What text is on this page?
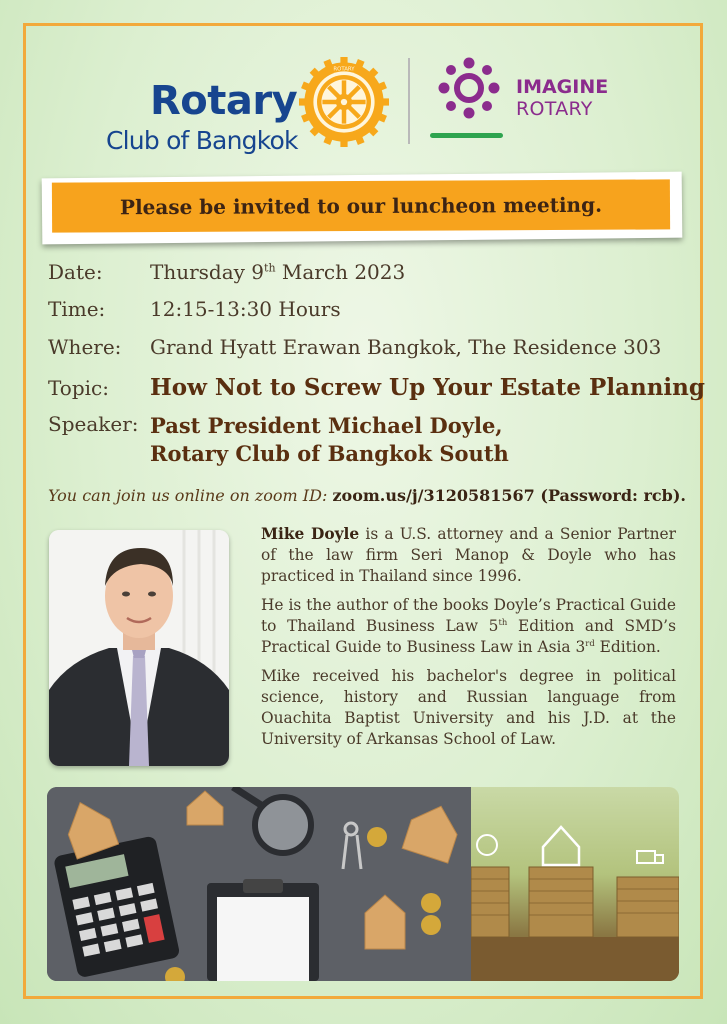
Rotary
Club of Bangkok
ROTARY
IMAGINE
ROTARY
Please be invited to our luncheon meeting.
Date: Thursday 9th March 2023
Time: 12:15-13:30 Hours
Where: Grand Hyatt Erawan Bangkok, The Residence 303
Topic: How Not to Screw Up Your Estate Planning
Speaker: Past President Michael Doyle,
Rotary Club of Bangkok South
You can join us online on zoom ID: zoom.us/j/3120581567 (Password: rcb).

Mike Doyle is a U.S. attorney and a Senior Partner of the law firm Seri Manop & Doyle who has practiced in Thailand since 1996.

He is the author of the books Doyle’s Practical Guide to Thailand Business Law 5th Edition and SMD’s Practical Guide to Business Law in Asia 3rd Edition.

Mike received his bachelor's degree in political science, history and Russian language from Ouachita Baptist University and his J.D. at the University of Arkansas School of Law.
